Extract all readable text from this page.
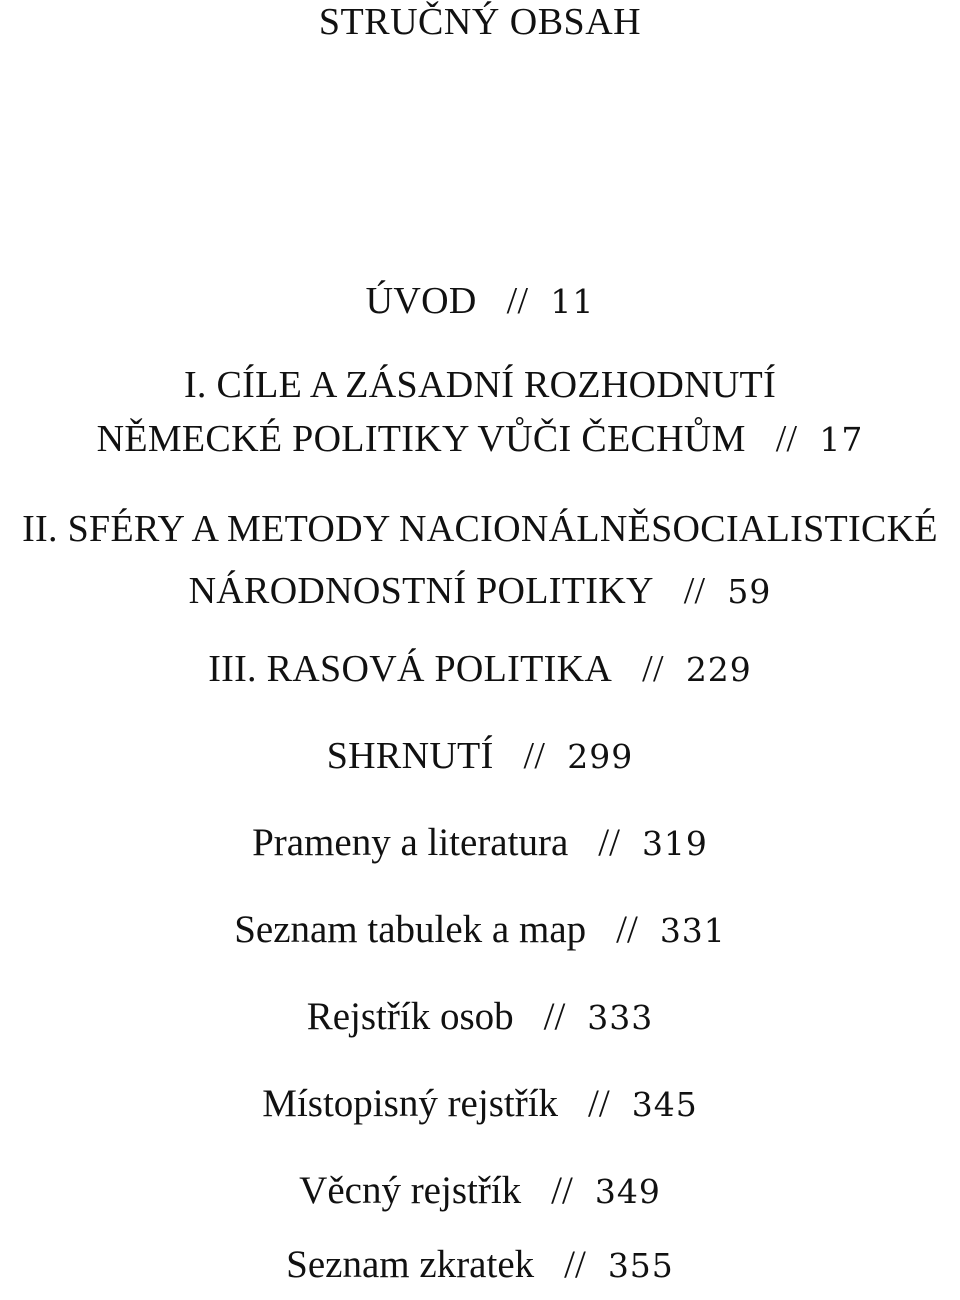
STRUČNÝ OBSAH
ÚVOD // 11
I. CÍLE A ZÁSADNÍ ROZHODNUTÍ
NĚMECKÉ POLITIKY VŮČI ČECHŮM // 17
II. SFÉRY A METODY NACIONÁLNĚSOCIALISTICKÉ
NÁRODNOSTNÍ POLITIKY // 59
III. RASOVÁ POLITIKA // 229
SHRNUTÍ // 299
Prameny a literatura // 319
Seznam tabulek a map // 331
Rejstřík osob // 333
Místopisný rejstřík // 345
Věcný rejstřík // 349
Seznam zkratek // 355
